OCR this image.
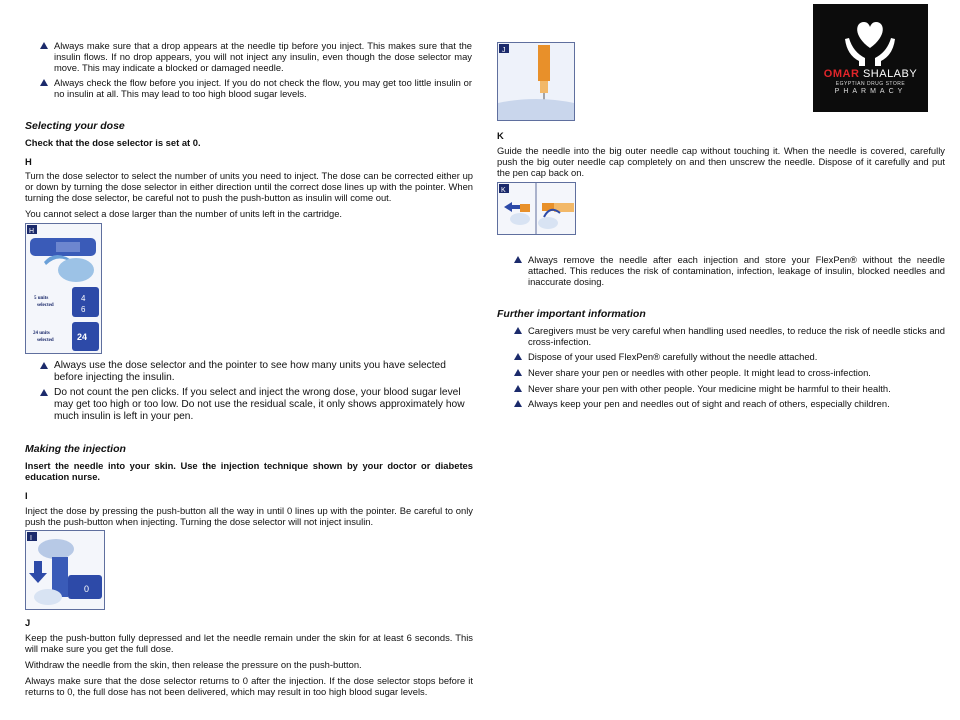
Always make sure that a drop appears at the needle tip before you inject. This makes sure that the insulin flows. If no drop appears, you will not inject any insulin, even though the dose selector may move. This may indicate a blocked or damaged needle.
Always check the flow before you inject. If you do not check the flow, you may get too little insulin or no insulin at all. This may lead to too high blood sugar levels.

Selecting your dose

Check that the dose selector is set at 0.

H

Turn the dose selector to select the number of units you need to inject. The dose can be corrected either up or down by turning the dose selector in either direction until the correct dose lines up with the pointer. When turning the dose selector, be careful not to push the push-button as insulin will come out.

You cannot select a dose larger than the number of units left in the cartridge.

H
5 units
selected
4
6
24 units
selected	24
Always use the dose selector and the pointer to see how many units you have selected before injecting the insulin.
Do not count the pen clicks. If you select and inject the wrong dose, your blood sugar level may get too high or too low. Do not use the residual scale, it only shows approximately how much insulin is left in your pen.

Making the injection

Insert the needle into your skin. Use the injection technique shown by your doctor or diabetes education nurse.

I

Inject the dose by pressing the push-button all the way in until 0 lines up with the pointer. Be careful to only push the push-button when injecting. Turning the dose selector will not inject insulin.

I
0
J

Keep the push-button fully depressed and let the needle remain under the skin for at least 6 seconds. This will make sure you get the full dose.

Withdraw the needle from the skin, then release the pressure on the push-button.

Always make sure that the dose selector returns to 0 after the injection. If the dose selector stops before it returns to 0, the full dose has not been delivered, which may result in too high blood sugar levels.

J
K

Guide the needle into the big outer needle cap without touching it. When the needle is covered, carefully push the big outer needle cap completely on and then unscrew the needle. Dispose of it carefully and put the pen cap back on.

K
Always remove the needle after each injection and store your FlexPen® without the needle attached. This reduces the risk of contamination, infection, leakage of insulin, blocked needles and inaccurate dosing.

Further important information

Caregivers must be very careful when handling used needles, to reduce the risk of needle sticks and cross-infection.
Dispose of your used FlexPen® carefully without the needle attached.
Never share your pen or needles with other people. It might lead to cross-infection.
Never share your pen with other people. Your medicine might be harmful to their health.
Always keep your pen and needles out of sight and reach of others, especially children.
OMAR SHALABY
EGYPTIAN DRUG STORE
PHARMACY
